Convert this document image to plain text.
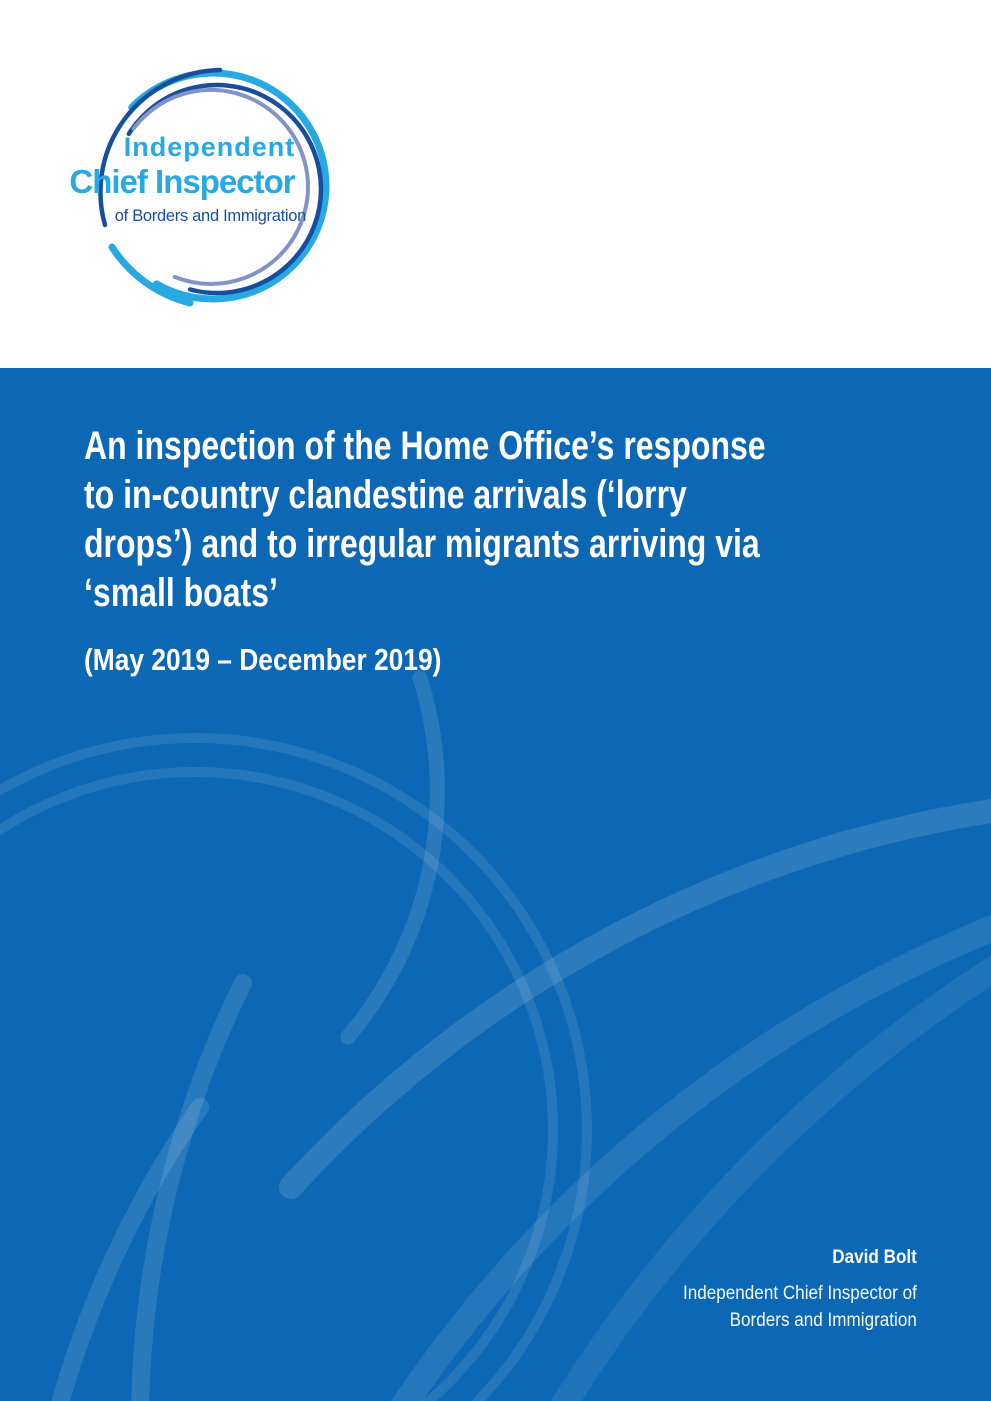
Independent
Chief Inspector
of Borders and Immigration
An inspection of the Home Office’s response
to in-country clandestine arrivals (‘lorry
drops’) and to irregular migrants arriving via
‘small boats’
(May 2019 – December 2019)
David Bolt
Independent Chief Inspector of
Borders and Immigration
